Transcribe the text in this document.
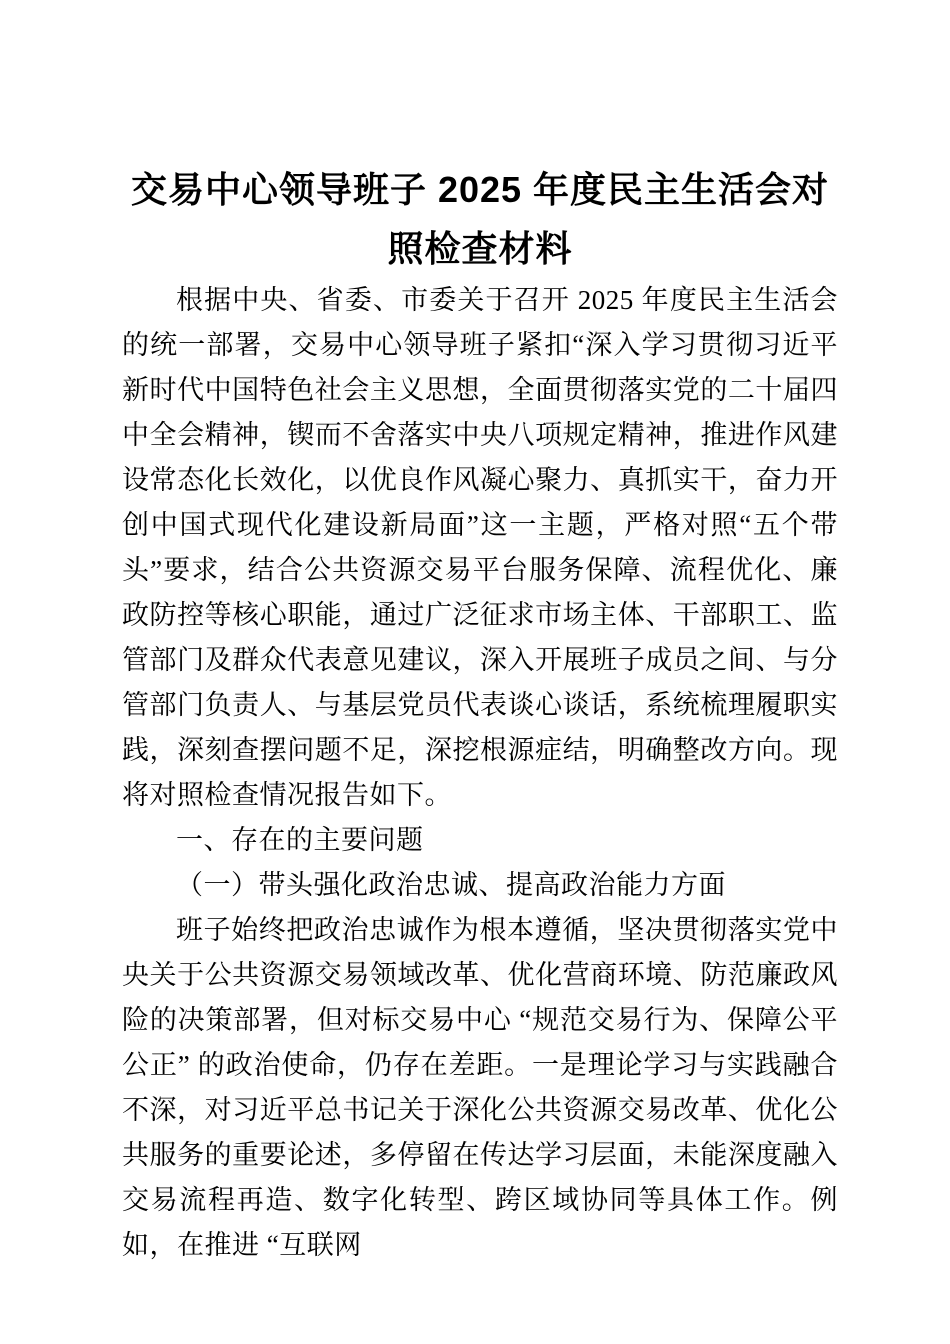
交易中心领导班子 2025 年度民主生活会对照检查材料

根据中央、省委、市委关于召开 2025 年度民主生活会的统一部署，交易中心领导班子紧扣“深入学习贯彻习近平新时代中国特色社会主义思想，全面贯彻落实党的二十届四中全会精神，锲而不舍落实中央八项规定精神，推进作风建设常态化长效化，以优良作风凝心聚力、真抓实干，奋力开创中国式现代化建设新局面”这一主题，严格对照“五个带头”要求，结合公共资源交易平台服务保障、流程优化、廉政防控等核心职能，通过广泛征求市场主体、干部职工、监管部门及群众代表意见建议，深入开展班子成员之间、与分管部门负责人、与基层党员代表谈心谈话，系统梳理履职实践，深刻查摆问题不足，深挖根源症结，明确整改方向。现将对照检查情况报告如下。

一、存在的主要问题

（一）带头强化政治忠诚、提高政治能力方面

班子始终把政治忠诚作为根本遵循，坚决贯彻落实党中央关于公共资源交易领域改革、优化营商环境、防范廉政风险的决策部署，但对标交易中心 “规范交易行为、保障公平公正” 的政治使命，仍存在差距。一是理论学习与实践融合不深，对习近平总书记关于深化公共资源交易改革、优化公共服务的重要论述，多停留在传达学习层面，未能深度融入交易流程再造、数字化转型、跨区域协同等具体工作。例如，在推进 “互联网
